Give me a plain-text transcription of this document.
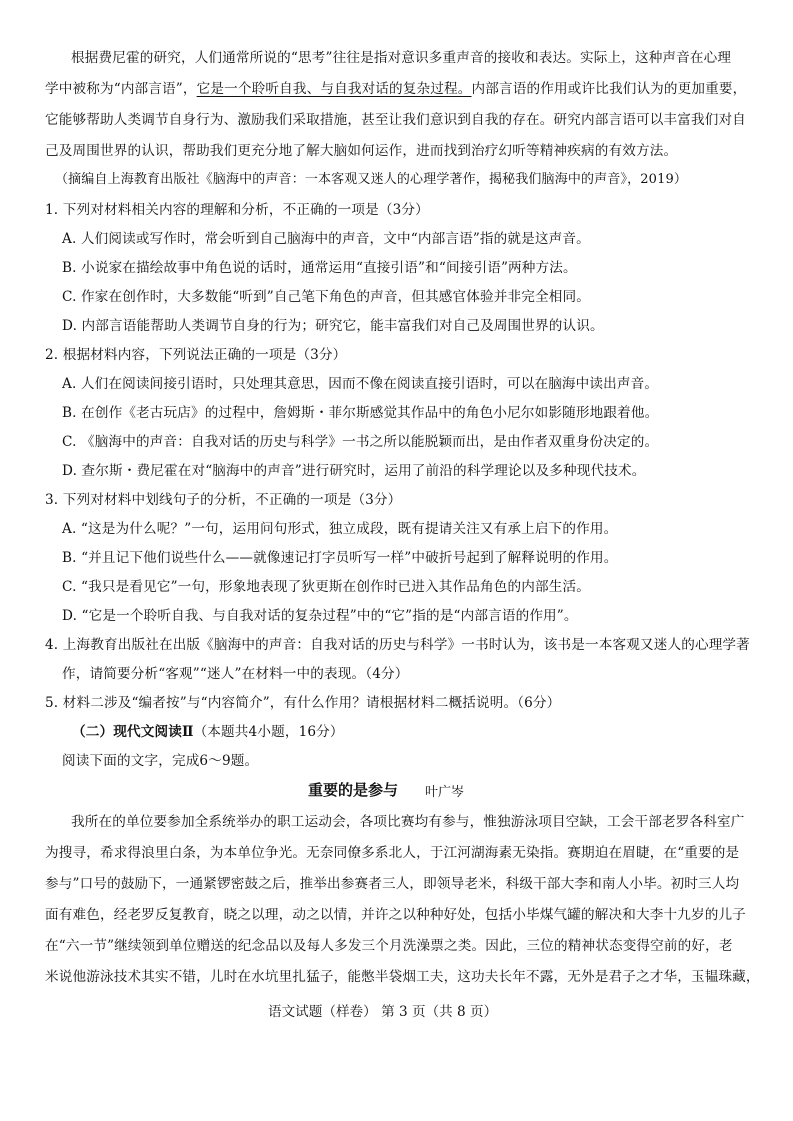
根据费尼霍的研究，人们通常所说的“思考”往往是指对意识多重声音的接收和表达。实际上，这种声音在心理
学中被称为“内部言语”，它是一个聆听自我、与自我对话的复杂过程。内部言语的作用或许比我们认为的更加重要，
它能够帮助人类调节自身行为、激励我们采取措施，甚至让我们意识到自我的存在。研究内部言语可以丰富我们对自
己及周围世界的认识，帮助我们更充分地了解大脑如何运作，进而找到治疗幻听等精神疾病的有效方法。
（摘编自上海教育出版社《脑海中的声音：一本客观又迷人的心理学著作，揭秘我们脑海中的声音》，2019）
1. 下列对材料相关内容的理解和分析，不正确的一项是（3分）
A. 人们阅读或写作时，常会听到自己脑海中的声音，文中“内部言语”指的就是这声音。
B. 小说家在描绘故事中角色说的话时，通常运用“直接引语”和“间接引语”两种方法。
C. 作家在创作时，大多数能“听到”自己笔下角色的声音，但其感官体验并非完全相同。
D. 内部言语能帮助人类调节自身的行为；研究它，能丰富我们对自己及周围世界的认识。
2. 根据材料内容，下列说法正确的一项是（3分）
A. 人们在阅读间接引语时，只处理其意思，因而不像在阅读直接引语时，可以在脑海中读出声音。
B. 在创作《老古玩店》的过程中，詹姆斯・菲尔斯感觉其作品中的角色小尼尔如影随形地跟着他。
C. 《脑海中的声音：自我对话的历史与科学》一书之所以能脱颖而出，是由作者双重身份决定的。
D. 查尔斯・费尼霍在对“脑海中的声音”进行研究时，运用了前沿的科学理论以及多种现代技术。
3. 下列对材料中划线句子的分析，不正确的一项是（3分）
A. “这是为什么呢？”一句，运用问句形式，独立成段，既有提请关注又有承上启下的作用。
B. “并且记下他们说些什么——就像速记打字员听写一样”中破折号起到了解释说明的作用。
C. “我只是看见它”一句，形象地表现了狄更斯在创作时已进入其作品角色的内部生活。
D. “它是一个聆听自我、与自我对话的复杂过程”中的“它”指的是“内部言语的作用”。
4. 上海教育出版社在出版《脑海中的声音：自我对话的历史与科学》一书时认为，该书是一本客观又迷人的心理学著
作，请简要分析“客观”“迷人”在材料一中的表现。（4分）
5. 材料二涉及“编者按”与“内容简介”，有什么作用？请根据材料二概括说明。（6分）
（二）现代文阅读Ⅱ（本题共4小题，16分）
阅读下面的文字，完成6～9题。
重要的是参与 叶广岑
我所在的单位要参加全系统举办的职工运动会，各项比赛均有参与，惟独游泳项目空缺，工会干部老罗各科室广
为搜寻，希求得浪里白条，为本单位争光。无奈同僚多系北人，于江河湖海素无染指。赛期迫在眉睫，在“重要的是
参与”口号的鼓励下，一通紧锣密鼓之后，推举出参赛者三人，即领导老米，科级干部大李和南人小毕。初时三人均
面有难色，经老罗反复教育，晓之以理，动之以情，并许之以种种好处，包括小毕煤气罐的解决和大李十九岁的儿子
在“六一节”继续领到单位赠送的纪念品以及每人多发三个月洗澡票之类。因此，三位的精神状态变得空前的好，老
米说他游泳技术其实不错，儿时在水坑里扎猛子，能憋半袋烟工夫，这功夫长年不露，无外是君子之才华，玉韫珠藏，
语文试题（样卷） 第 3 页（共 8 页）
